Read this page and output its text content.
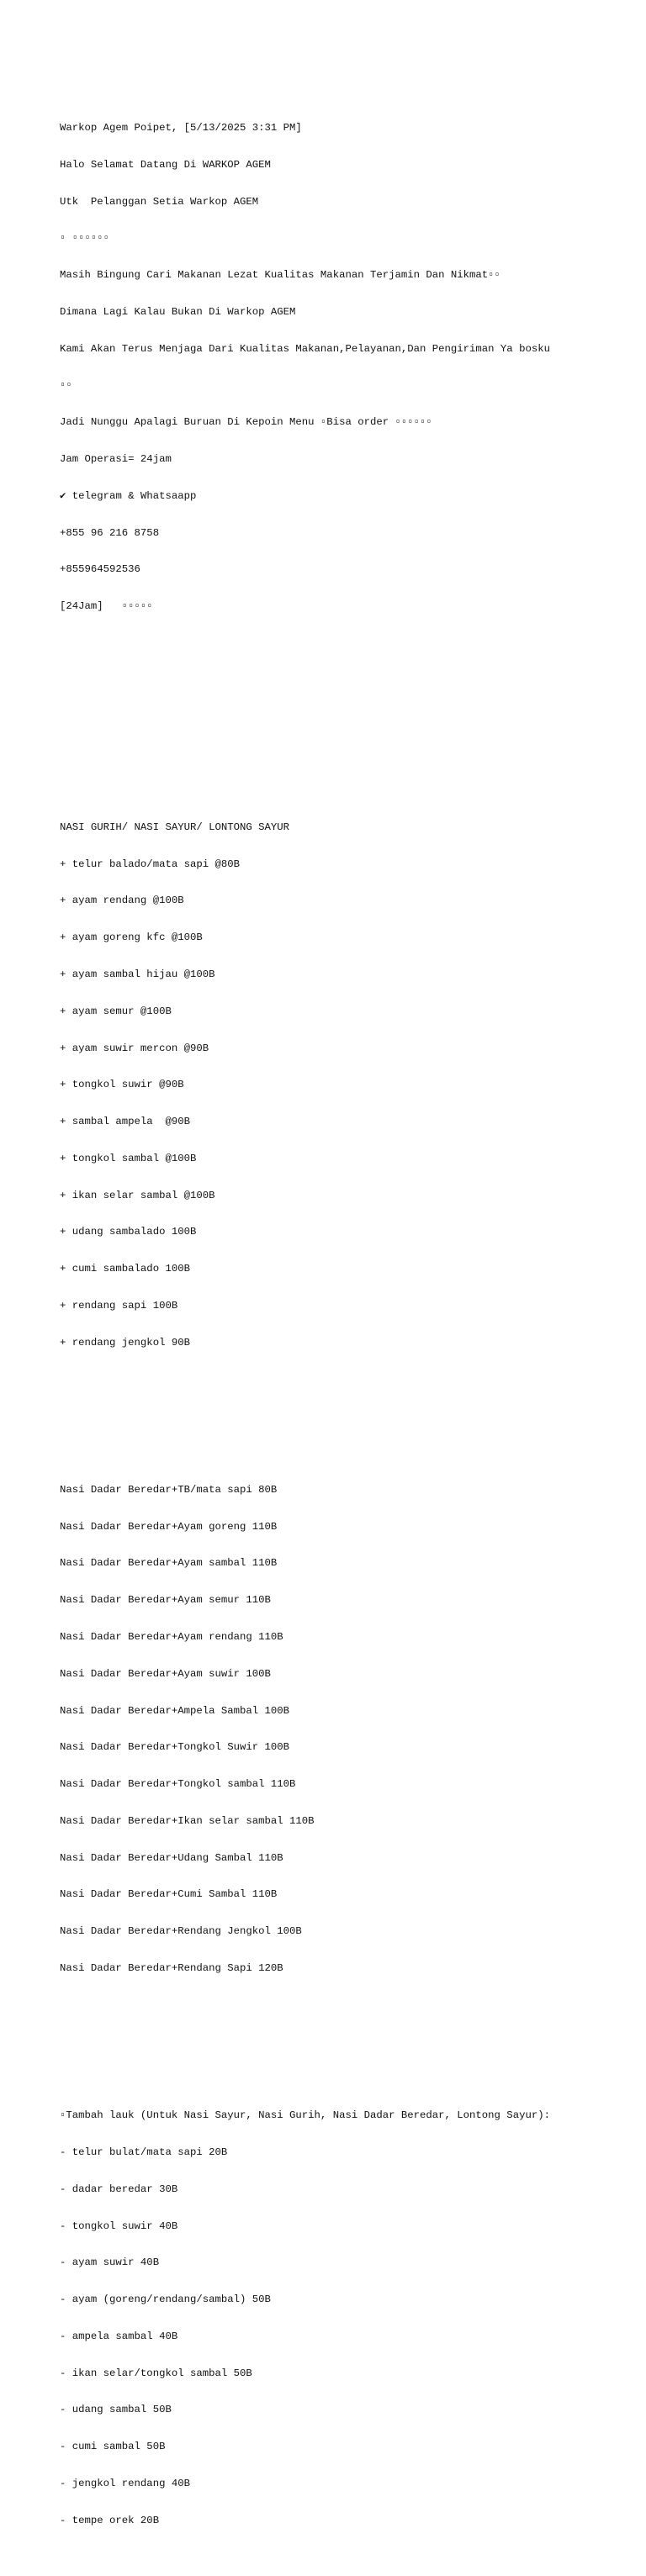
Warkop Agem Poipet, [5/13/2025 3:31 PM]

Halo Selamat Datang Di WARKOP AGEM

Utk  Pelanggan Setia Warkop AGEM

▫ ▫▫▫▫▫▫

Masih Bingung Cari Makanan Lezat Kualitas Makanan Terjamin Dan Nikmat▫▫

Dimana Lagi Kalau Bukan Di Warkop AGEM

Kami Akan Terus Menjaga Dari Kualitas Makanan,Pelayanan,Dan Pengiriman Ya bosku

▫▫

Jadi Nunggu Apalagi Buruan Di Kepoin Menu ▫Bisa order ▫▫▫▫▫▫

Jam Operasi= 24jam

✔ telegram & Whatsaapp

+855 96 216 8758

+855964592536

[24Jam]   ▫▫▫▫▫

NASI GURIH/ NASI SAYUR/ LONTONG SAYUR

+ telur balado/mata sapi @80B

+ ayam rendang @100B

+ ayam goreng kfc @100B

+ ayam sambal hijau @100B

+ ayam semur @100B

+ ayam suwir mercon @90B

+ tongkol suwir @90B

+ sambal ampela  @90B

+ tongkol sambal @100B

+ ikan selar sambal @100B

+ udang sambalado 100B

+ cumi sambalado 100B

+ rendang sapi 100B

+ rendang jengkol 90B

Nasi Dadar Beredar+TB/mata sapi 80B

Nasi Dadar Beredar+Ayam goreng 110B

Nasi Dadar Beredar+Ayam sambal 110B

Nasi Dadar Beredar+Ayam semur 110B

Nasi Dadar Beredar+Ayam rendang 110B

Nasi Dadar Beredar+Ayam suwir 100B

Nasi Dadar Beredar+Ampela Sambal 100B

Nasi Dadar Beredar+Tongkol Suwir 100B

Nasi Dadar Beredar+Tongkol sambal 110B

Nasi Dadar Beredar+Ikan selar sambal 110B

Nasi Dadar Beredar+Udang Sambal 110B

Nasi Dadar Beredar+Cumi Sambal 110B

Nasi Dadar Beredar+Rendang Jengkol 100B

Nasi Dadar Beredar+Rendang Sapi 120B

▫Tambah lauk (Untuk Nasi Sayur, Nasi Gurih, Nasi Dadar Beredar, Lontong Sayur):

- telur bulat/mata sapi 20B

- dadar beredar 30B

- tongkol suwir 40B

- ayam suwir 40B

- ayam (goreng/rendang/sambal) 50B

- ampela sambal 40B

- ikan selar/tongkol sambal 50B

- udang sambal 50B

- cumi sambal 50B

- jengkol rendang 40B

- tempe orek 20B
